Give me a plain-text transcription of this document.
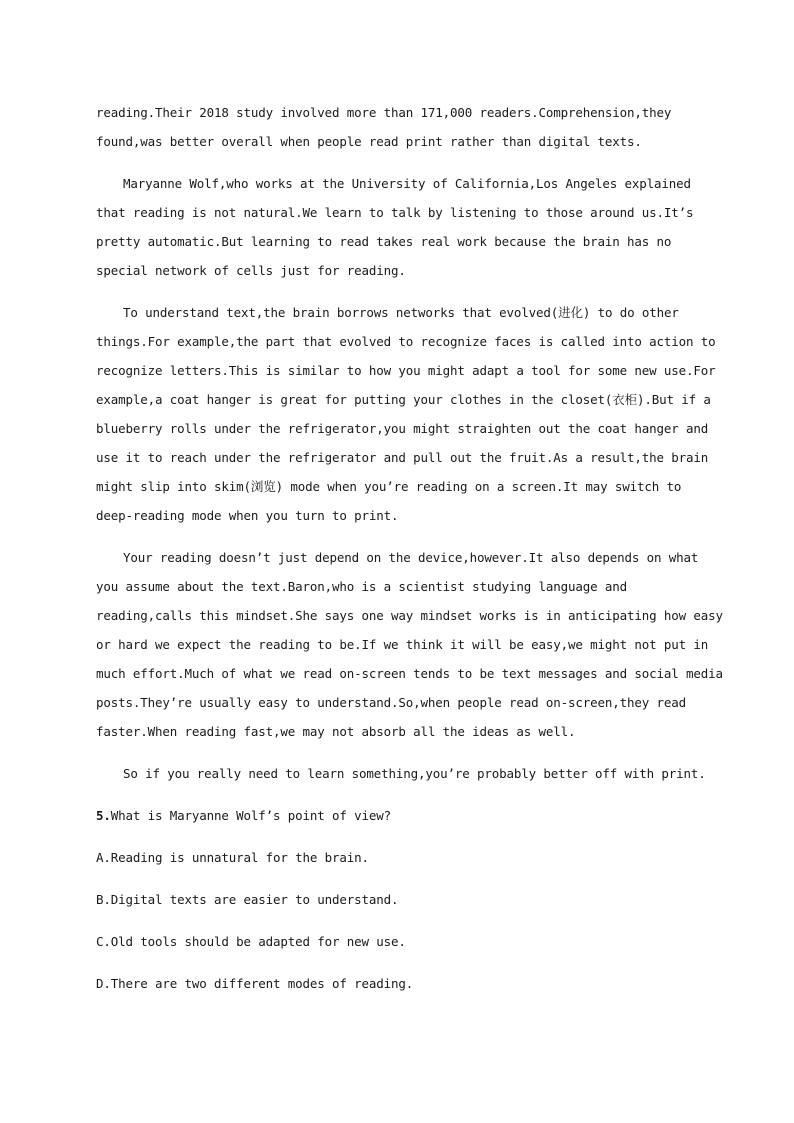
reading.Their 2018 study involved more than 171,000 readers.Comprehension,they
found,was better overall when people read print rather than digital texts.
Maryanne Wolf,who works at the University of California,Los Angeles explained
that reading is not natural.We learn to talk by listening to those around us.It’s
pretty automatic.But learning to read takes real work because the brain has no
special network of cells just for reading.
To understand text,the brain borrows networks that evolved(进化) to do other
things.For example,the part that evolved to recognize faces is called into action to
recognize letters.This is similar to how you might adapt a tool for some new use.For
example,a coat hanger is great for putting your clothes in the closet(衣柜).But if a
blueberry rolls under the refrigerator,you might straighten out the coat hanger and
use it to reach under the refrigerator and pull out the fruit.As a result,the brain
might slip into skim(浏览) mode when you’re reading on a screen.It may switch to
deep-reading mode when you turn to print.
Your reading doesn’t just depend on the device,however.It also depends on what
you assume about the text.Baron,who is a scientist studying language and
reading,calls this mindset.She says one way mindset works is in anticipating how easy
or hard we expect the reading to be.If we think it will be easy,we might not put in
much effort.Much of what we read on-screen tends to be text messages and social media
posts.They’re usually easy to understand.So,when people read on-screen,they read
faster.When reading fast,we may not absorb all the ideas as well.
So if you really need to learn something,you’re probably better off with print.
5.What is Maryanne Wolf’s point of view?
A.Reading is unnatural for the brain.
B.Digital texts are easier to understand.
C.Old tools should be adapted for new use.
D.There are two different modes of reading.
